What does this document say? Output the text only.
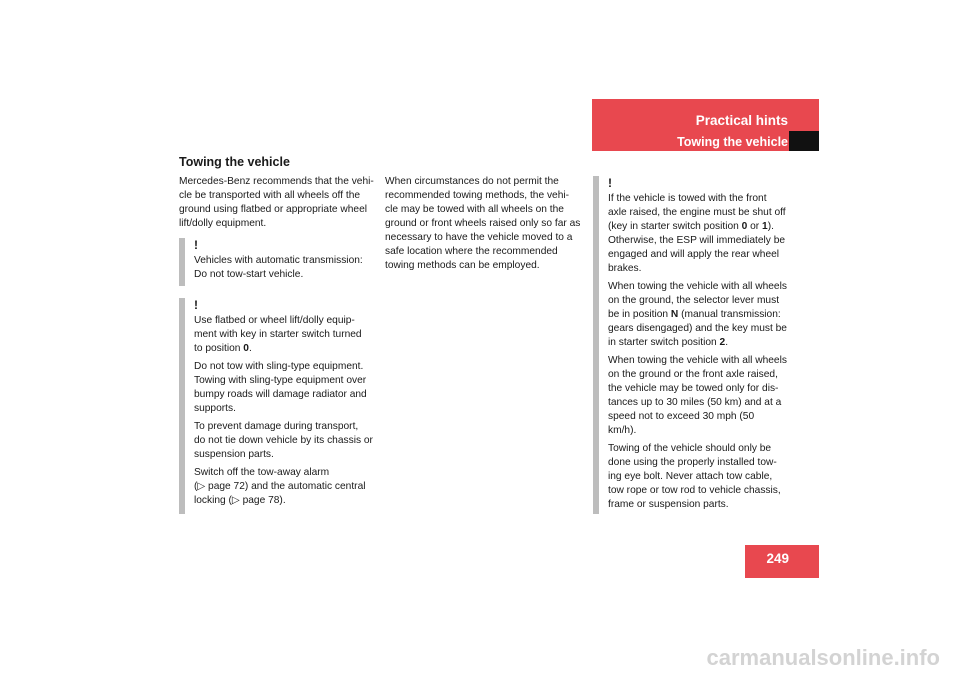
Practical hints
Towing the vehicle
Towing the vehicle
Mercedes-Benz recommends that the vehi-
cle be transported with all wheels off the
ground using flatbed or appropriate wheel
lift/dolly equipment.
!

Vehicles with automatic transmission:
Do not tow-start vehicle.

!

Use flatbed or wheel lift/dolly equip-
ment with key in starter switch turned
to position 0.

Do not tow with sling-type equipment.
Towing with sling-type equipment over
bumpy roads will damage radiator and
supports.

To prevent damage during transport,
do not tie down vehicle by its chassis or
suspension parts.

Switch off the tow-away alarm
(▷ page 72) and the automatic central
locking (▷ page 78).

When circumstances do not permit the
recommended towing methods, the vehi-
cle may be towed with all wheels on the
ground or front wheels raised only so far as
necessary to have the vehicle moved to a
safe location where the recommended
towing methods can be employed.
!

If the vehicle is towed with the front
axle raised, the engine must be shut off
(key in starter switch position 0 or 1).
Otherwise, the ESP will immediately be
engaged and will apply the rear wheel
brakes.

When towing the vehicle with all wheels
on the ground, the selector lever must
be in position N (manual transmission:
gears disengaged) and the key must be
in starter switch position 2.

When towing the vehicle with all wheels
on the ground or the front axle raised,
the vehicle may be towed only for dis-
tances up to 30 miles (50 km) and at a
speed not to exceed 30 mph (50
km/h).

Towing of the vehicle should only be
done using the properly installed tow-
ing eye bolt. Never attach tow cable,
tow rope or tow rod to vehicle chassis,
frame or suspension parts.

249
carmanualsonline.info
